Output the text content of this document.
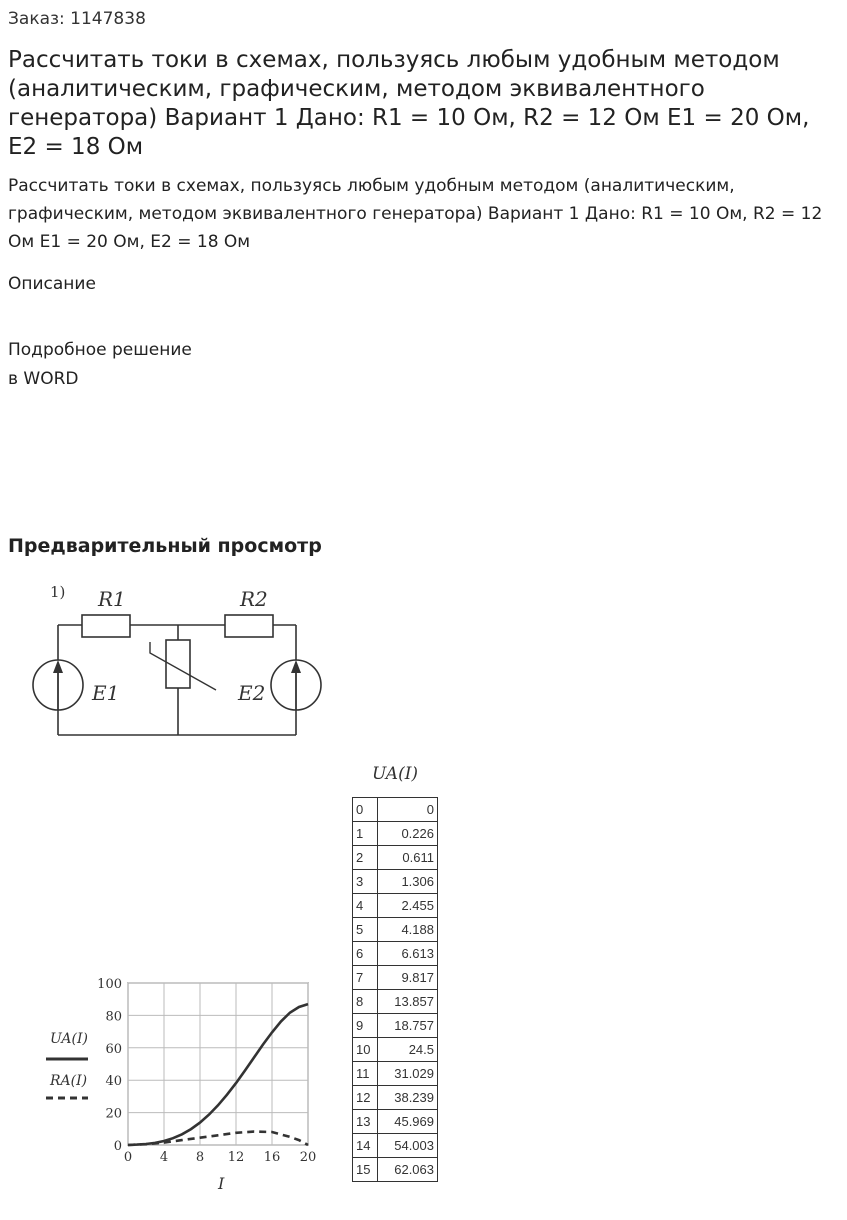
Заказ: 1147838
Рассчитать токи в схемах, пользуясь любым удобным методом (аналитическим, графическим, методом эквивалентного генератора) Вариант 1 Дано: R1 = 10 Ом, R2 = 12 Ом E1 = 20 Ом, E2 = 18 Ом
Рассчитать токи в схемах, пользуясь любым удобным методом (аналитическим, графическим, методом эквивалентного генератора) Вариант 1 Дано: R1 = 10 Ом, R2 = 12 Ом E1 = 20 Ом, E2 = 18 Ом
Описание
Подробное решение
в WORD
Предварительный просмотр
1) R1	R2
E1	E2
UA(I)
0	0
1	0.226
2	0.611
3	1.306
4	2.455
5	4.188
6	6.613
7	9.817
8	13.857
9	18.757
10	24.5
11	31.029
12	38.239
13	45.969
14	54.003
15	62.063
0 4 8 12 16 20
0
20
40
60
80
100
UA(I)
RA(I)
I
